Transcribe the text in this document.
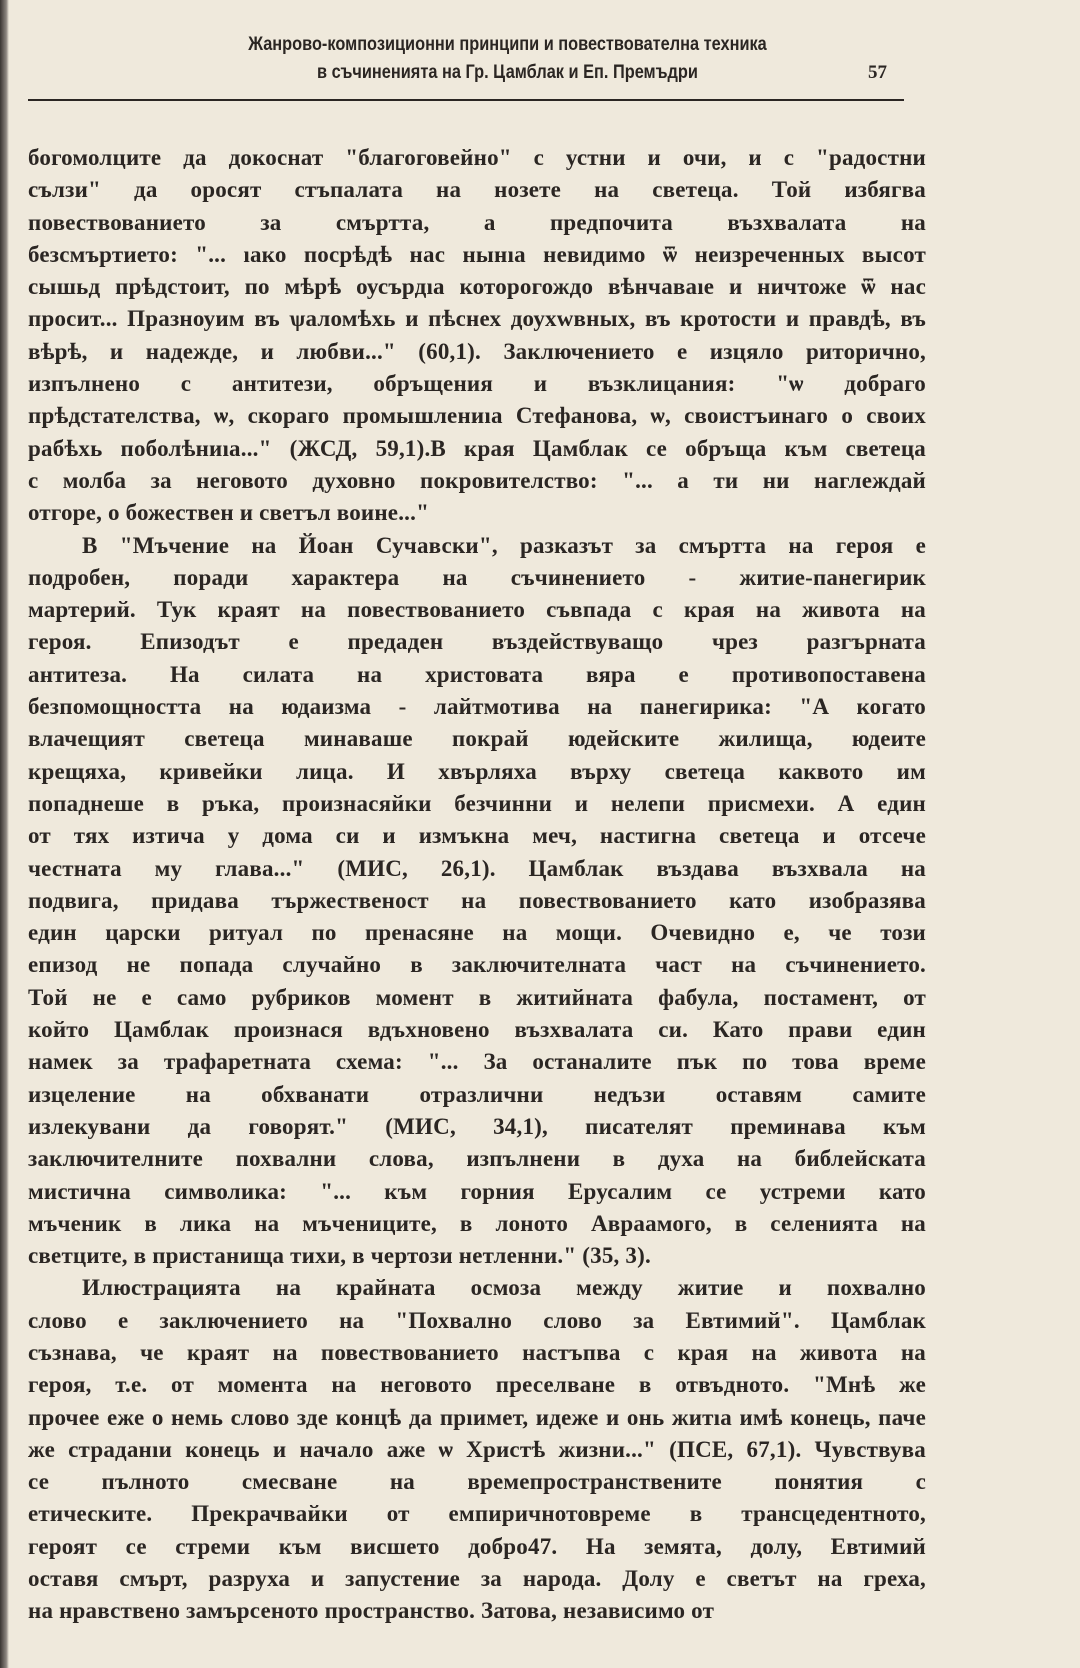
Жанрово-композиционни принципи и повествователна техника
в съчиненията на Гр. Цамблак и Еп. Премъдри	57
богомолците да докоснат "благоговейно" с устни и очи, и с "радостни
сълзи" да оросят стъпалата на нозете на светеца. Той избягва
повествованието за смъртта, а предпочита възхвалата на
безсмъртието: "... ıако посрѣдѣ нас нынıа невидимо ѿ неизреченных высот
сышьд прѣдстоит, по мѣрѣ оусърдıа которогождо вѣнчаваıе и ничтоже ѿ нас
просит... Празноуим въ ѱаломѣхь и пѣснех доухwвных, въ кротости и правдѣ, въ
вѣрѣ, и надежде, и любви..." (60,1). Заключението е изцяло риторично,
изпълнено с антитези, обръщения и възклицания: "ѡ добраго
прѣдстателства, ѡ, скораго промышлениıа Стефанова, ѡ, своистъинаго о своих
рабѣхь поболѣниıа..." (ЖСД, 59,1).В края Цамблак се обръща към светеца
с молба за неговото духовно покровителство: "... а ти ни наглеждай
отгоре, о божествен и светъл воине..."
В "Мъчение на Йоан Сучавски", разказът за смъртта на героя е
подробен, поради характера на съчинението - житие-панегирик
мартерий. Тук краят на повествованието съвпада с края на живота на
героя. Епизодът е предаден въздействуващо чрез разгърната
антитеза. На силата на христовата вяра е противопоставена
безпомощността на юдаизма - лайтмотива на панегирика: "А когато
влачещият светеца минаваше покрай юдейските жилища, юдеите
крещяха, кривейки лица. И хвърляха върху светеца каквото им
попаднеше в ръка, произнасяйки безчинни и нелепи присмехи. А един
от тях изтича у дома си и измъкна меч, настигна светеца и отсече
честната му глава..." (МИС, 26,1). Цамблак въздава възхвала на
подвига, придава тържественост на повествованието като изобразява
един царски ритуал по пренасяне на мощи. Очевидно е, че този
епизод не попада случайно в заключителната част на съчинението.
Той не е само рубриков момент в житийната фабула, постамент, от
който Цамблак произнася вдъхновено възхвалата си. Като прави един
намек за трафаретната схема: "... За останалите пък по това време
изцеление на обхванати отразлични недъзи оставям самите
излекувани да говорят." (МИС, 34,1), писателят преминава към
заключителните похвални слова, изпълнени в духа на библейската
мистична символика: "... към горния Ерусалим се устреми като
мъченик в лика на мъчениците, в лоното Авраамого, в селенията на
светците, в пристанища тихи, в чертози нетленни." (35, 3).
Илюстрацията на крайната осмоза между житие и похвално
слово е заключението на "Похвално слово за Евтимий". Цамблак
съзнава, че краят на повествованието настъпва с края на живота на
героя, т.е. от момента на неговото преселване в отвъдното. "Мнѣ же
прочее еже о немь слово зде концѣ да прıимет, идеже и онь житıа имѣ конець, паче
же страданıи конець и начало аже ѡ Христѣ жизни..." (ПСЕ, 67,1). Чувствува
се пълното смесване на времепространствените понятия с
етическите. Прекрачвайки от емпиричнотовреме в трансцедентното,
героят се стреми към висшето добро47. На земята, долу, Евтимий
оставя смърт, разруха и запустение за народа. Долу е светът на греха,
на нравствено замърсеното пространство. Затова, независимо от
